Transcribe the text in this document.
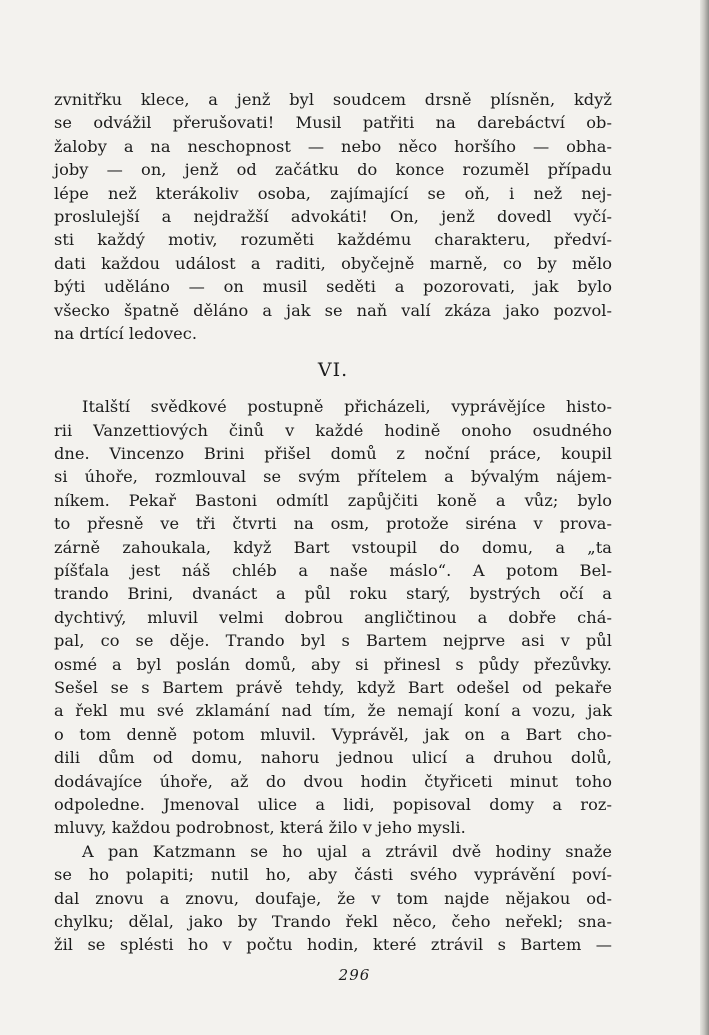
zvnitřku klece, a jenž byl soudcem drsně plísněn, když
se odvážil přerušovati! Musil patřiti na darebáctví ob-
žaloby a na neschopnost — nebo něco horšího — obha-
joby — on, jenž od začátku do konce rozuměl případu
lépe než kterákoliv osoba, zajímající se oň, i než nej-
proslulejší a nejdražší advokáti! On, jenž dovedl vyčí-
sti každý motiv, rozuměti každému charakteru, předví-
dati každou událost a raditi, obyčejně marně, co by mělo
býti uděláno — on musil seděti a pozorovati, jak bylo
všecko špatně děláno a jak se naň valí zkáza jako pozvol-
na drtící ledovec.
VI.
Italští svědkové postupně přicházeli, vyprávějíce histo-
rii Vanzettiových činů v každé hodině onoho osudného
dne. Vincenzo Brini přišel domů z noční práce, koupil
si úhoře, rozmlouval se svým přítelem a bývalým nájem-
níkem. Pekař Bastoni odmítl zapůjčiti koně a vůz; bylo
to přesně ve tři čtvrti na osm, protože siréna v prova-
zárně zahoukala, když Bart vstoupil do domu, a „ta
píšťala jest náš chléb a naše máslo“. A potom Bel-
trando Brini, dvanáct a půl roku starý, bystrých očí a
dychtivý, mluvil velmi dobrou angličtinou a dobře chá-
pal, co se děje. Trando byl s Bartem nejprve asi v půl
osmé a byl poslán domů, aby si přinesl s půdy přezůvky.
Sešel se s Bartem právě tehdy, když Bart odešel od pekaře
a řekl mu své zklamání nad tím, že nemají koní a vozu, jak
o tom denně potom mluvil. Vyprávěl, jak on a Bart cho-
dili dům od domu, nahoru jednou ulicí a druhou dolů,
dodávajíce úhoře, až do dvou hodin čtyřiceti minut toho
odpoledne. Jmenoval ulice a lidi, popisoval domy a roz-
mluvy, každou podrobnost, která žilo v jeho mysli.
A pan Katzmann se ho ujal a ztrávil dvě hodiny snaže
se ho polapiti; nutil ho, aby části svého vyprávění poví-
dal znovu a znovu, doufaje, že v tom najde nějakou od-
chylku; dělal, jako by Trando řekl něco, čeho neřekl; sna-
žil se splésti ho v počtu hodin, které ztrávil s Bartem —
296
